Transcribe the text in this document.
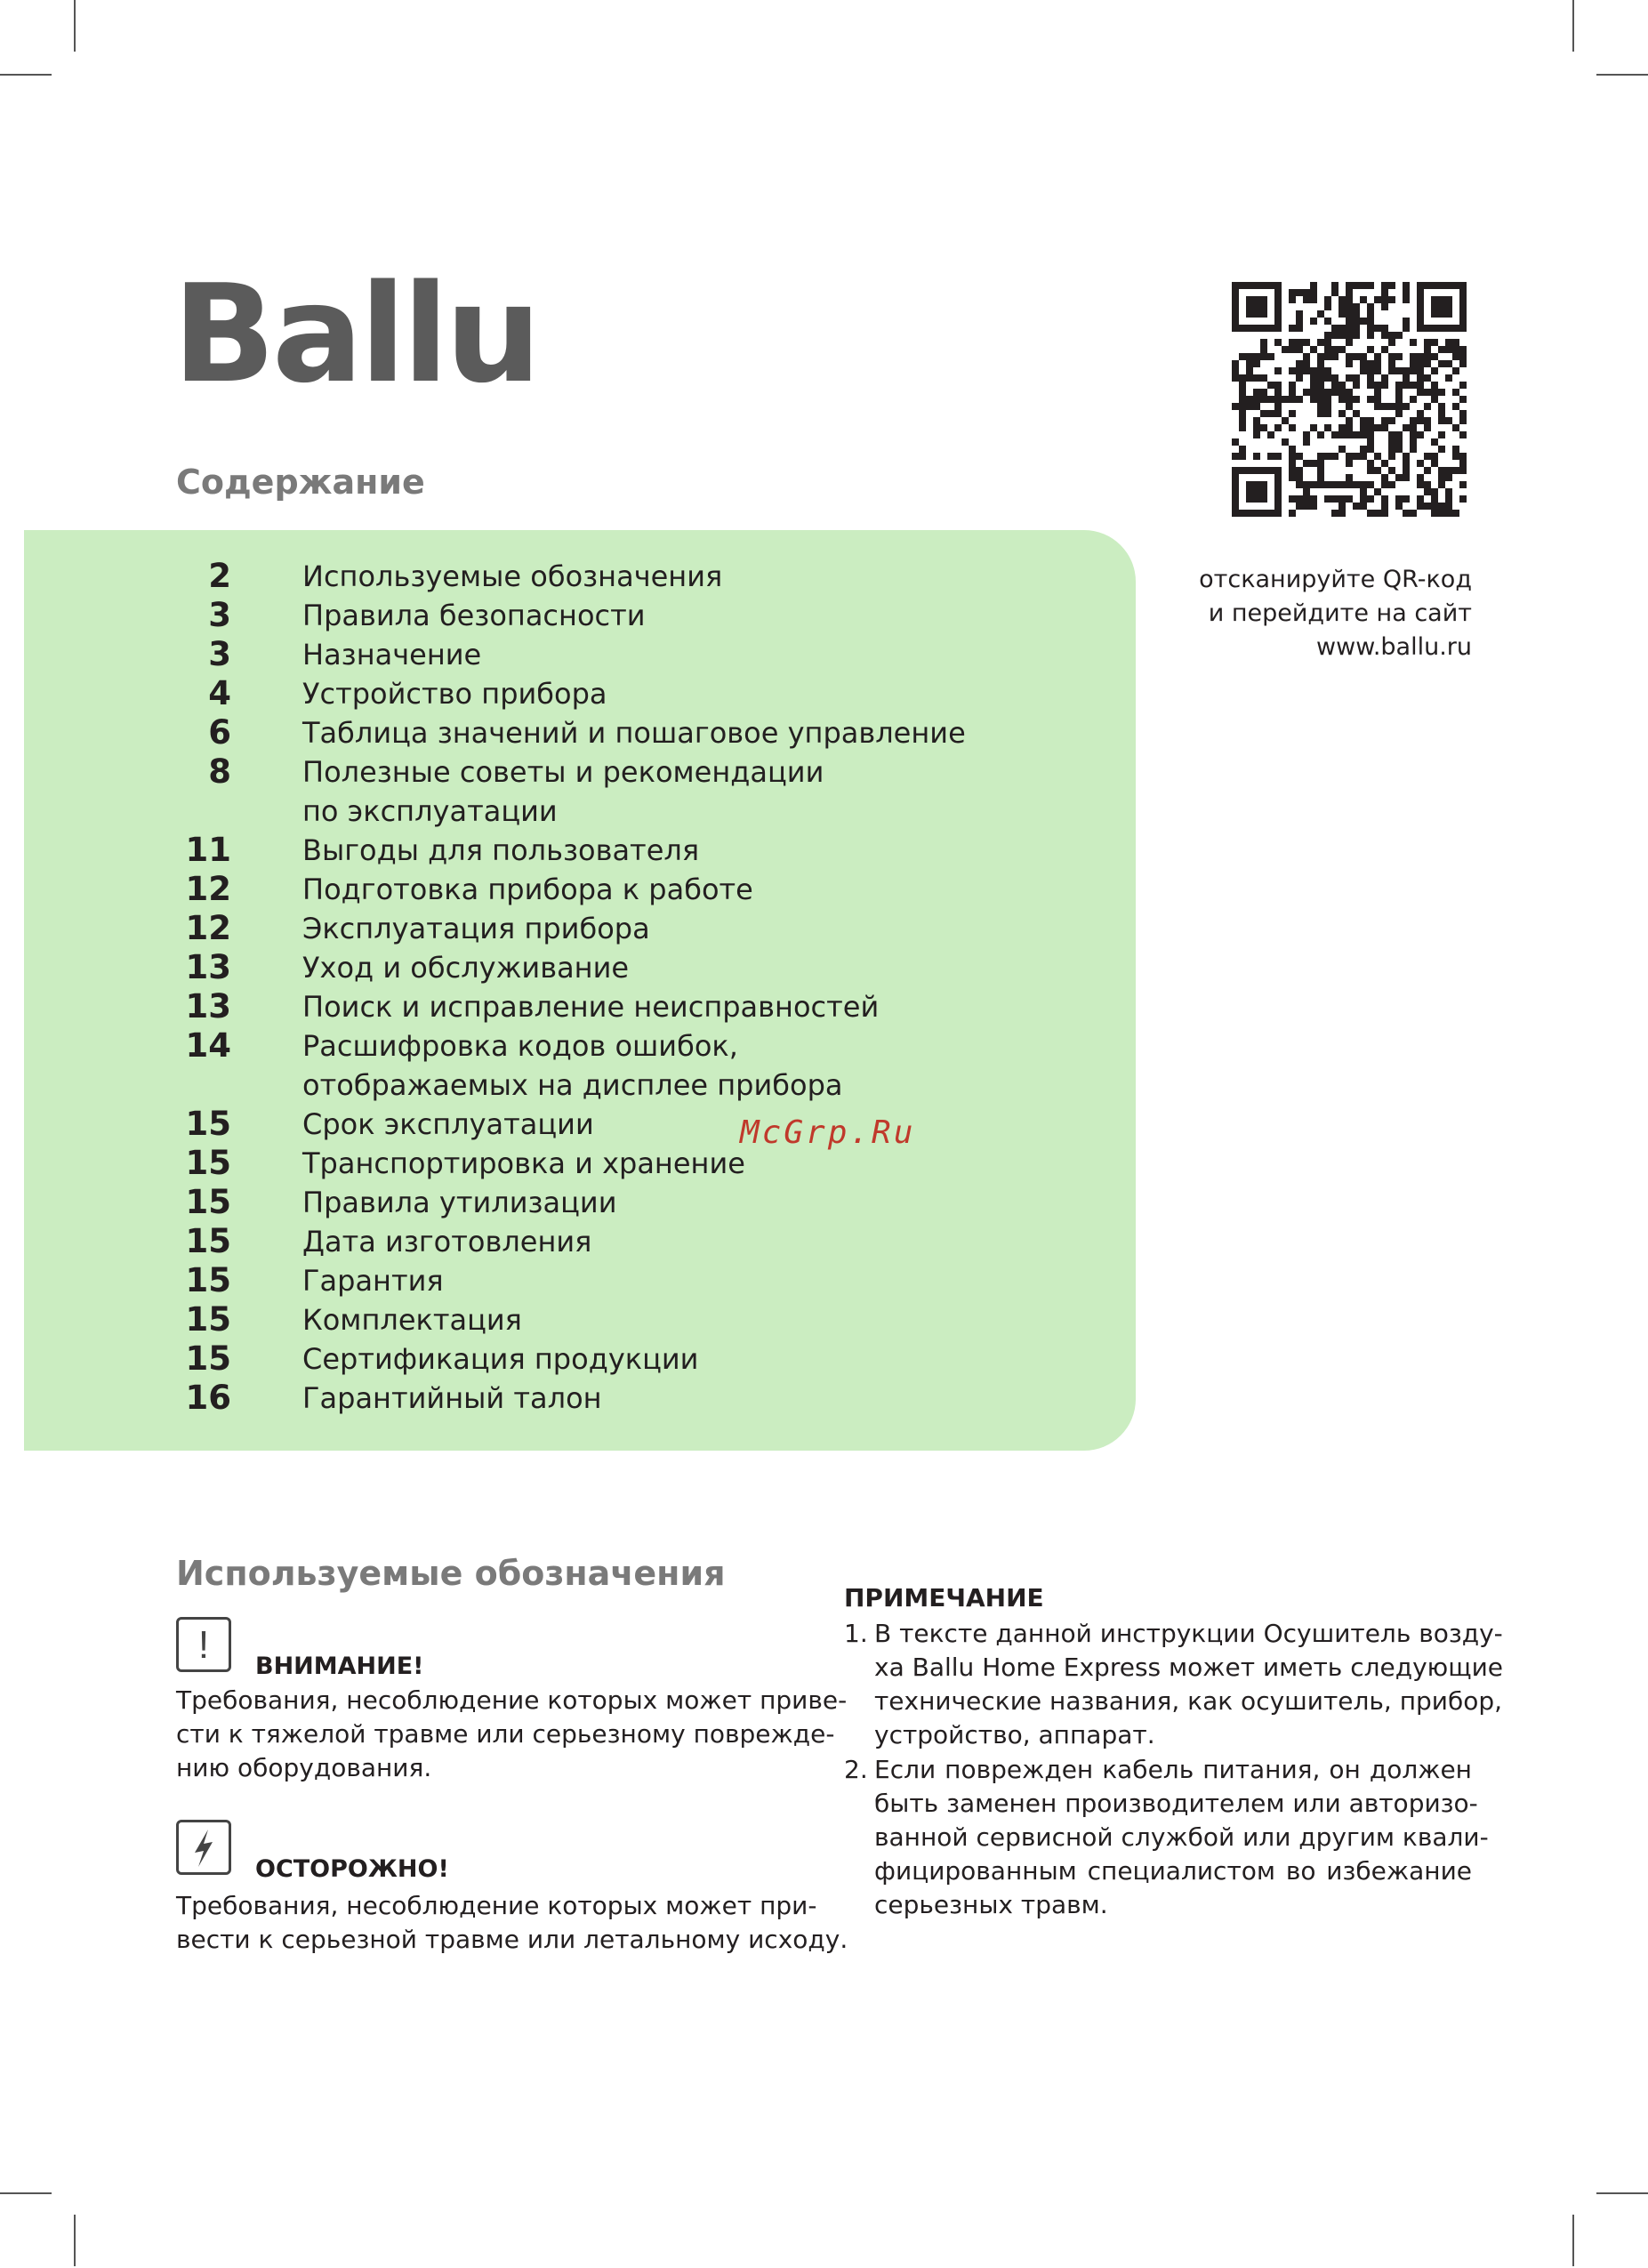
Ballu
Содержание
2	Используемые обозначения
3	Правила безопасности
3	Назначение
4	Устройство прибора
6	Таблица значений и пошаговое управление
8	Полезные советы и рекомендации
по эксплуатации
11	Выгоды для пользователя
12	Подготовка прибора к работе
12	Эксплуатация прибора
13	Уход и обслуживание
13	Поиск и исправление неисправностей
14	Расшифровка кодов ошибок,
отображаемых на дисплее прибора
15	Срок эксплуатации
15	Транспортировка и хранение
15	Правила утилизации
15	Дата изготовления
15	Гарантия
15	Комплектация
15	Сертификация продукции
16	Гарантийный талон
отсканируйте QR-код
и перейдите на сайт
www.ballu.ru
McGrp.Ru
Используемые обозначения
!	ВНИМАНИЕ!
Требования, несоблюдение которых может приве-
сти к тяжелой травме или серьезному поврежде-
нию оборудования.
ОСТОРОЖНО!
Требования, несоблюдение которых может при-
вести к серьезной травме или летальному исходу.
ПРИМЕЧАНИЕ
1. В тексте данной инструкции Осушитель возду-
ха Ballu Home Express может иметь следующие
технические названия, как осушитель, прибор,
устройство, аппарат.
2. Если поврежден кабель питания, он должен
быть заменен производителем или авторизо-
ванной сервисной службой или другим квали-
фицированным специалистом во избежание
серьезных травм.
